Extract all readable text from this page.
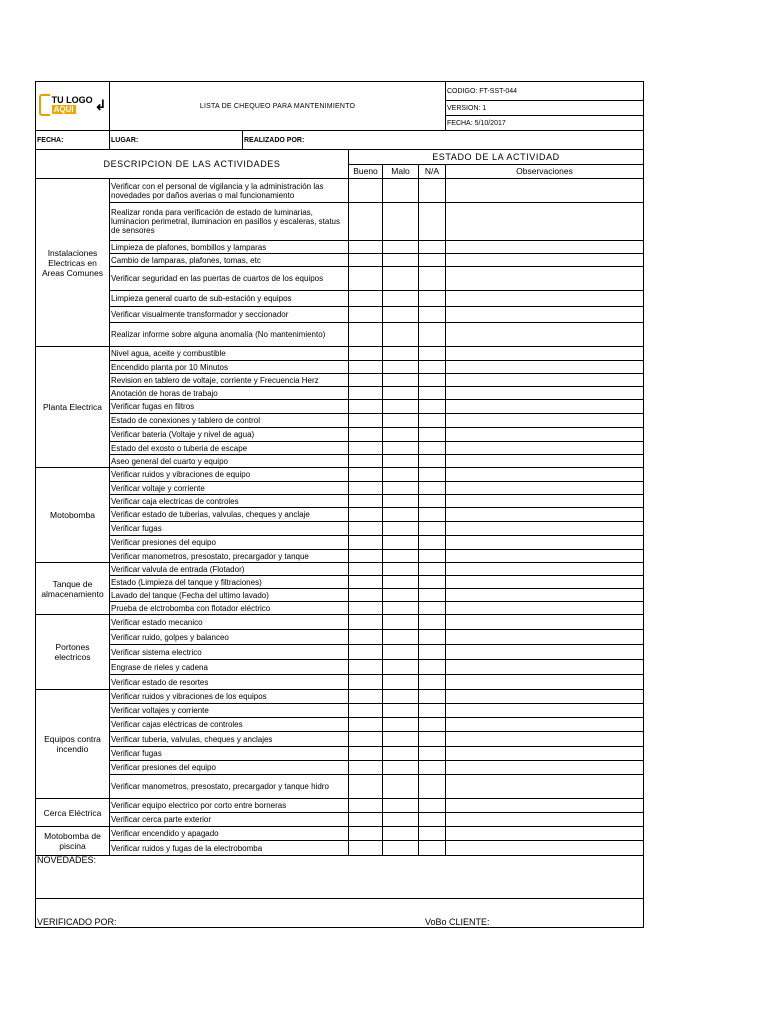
TU LOGO
AQUI ↲	LISTA DE CHEQUEO PARA MANTENIMIENTO					CODIGO: FT-SST-044
						VERSION: 1
						FECHA: 5/10/2017
FECHA:	LUGAR:	REALIZADO POR:				
DESCRIPCION DE LAS ACTIVIDADES			ESTADO DE LA ACTIVIDAD			
			Bueno	Malo	N/A	Observaciones
Instalaciones Electricas en Areas Comunes	Verificar con el personal de vigilancia y la administración las novedades por daños averias o mal funcionamiento					
	Realizar ronda para verificación de estado de luminarias, luminacion perimetral, iluminacion en pasillos y escaleras, status de sensores					
	Limpieza de plafones, bombillos y lamparas					
	Cambio de lamparas, plafones, tomas, etc					
	Verificar seguridad en las puertas de cuartos de los equipos					
	Limpieza general cuarto de sub-estación y equipos					
	Verificar visualmente transformador y seccionador					
	Realizar informe sobre alguna anomalía (No mantenimiento)					
Planta Electrica	Nivel agua, aceite y combustible					
	Encendido planta por 10 Minutos					
	Revision en tablero de voltaje, corriente y Frecuencia Herz					
	Anotación de horas de trabajo					
	Verificar fugas en filtros					
	Estado de conexiones y tablero de control					
	Verificar bateria (Voltaje y nivel de agua)					
	Estado del exosto o tuberia de escape					
	Aseo general del cuarto y equipo					
Motobomba	Verificar ruidos y vibraciones de equipo					
	Verificar voltaje y corriente					
	Verificar caja electricas de controles					
	Verificar estado de tuberias, valvulas, cheques y anclaje					
	Verificar fugas					
	Verificar presiones del equipo					
	Verificar manometros, presostato, precargador y tanque					
Tanque de almacenamiento	Verificar valvula de entrada (Flotador)					
	Estado (Limpieza del tanque y filtraciones)					
	Lavado del tanque (Fecha del ultimo lavado)					
	Prueba de elctrobomba con flotador eléctrico					
Portones electricos	Verificar estado mecanico					
	Verificar ruido, golpes y balanceo					
	Verificar sistema electrico					
	Engrase de rieles y cadena					
	Verificar estado de resortes					
Equipos contra incendio	Verificar ruidos y vibraciones de los equipos					
	Verificar voltajes y corriente					
	Verificar cajas eléctricas de controles					
	Verificar tuberia, valvulas, cheques y anclajes					
	Verificar fugas					
	Verificar presiones del equipo					
	Verificar manometros, presostato, precargador y tanque hidro					
Cerca Eléctrica	Verificar equipo electrico por corto entre borneras					
	Verificar cerca parte exterior					
Motobomba de piscina	Verificar encendido y apagado					
	Verificar ruidos y fugas de la electrobomba					
NOVEDADES:						
VERIFICADO POR: VoBo CLIENTE:						
